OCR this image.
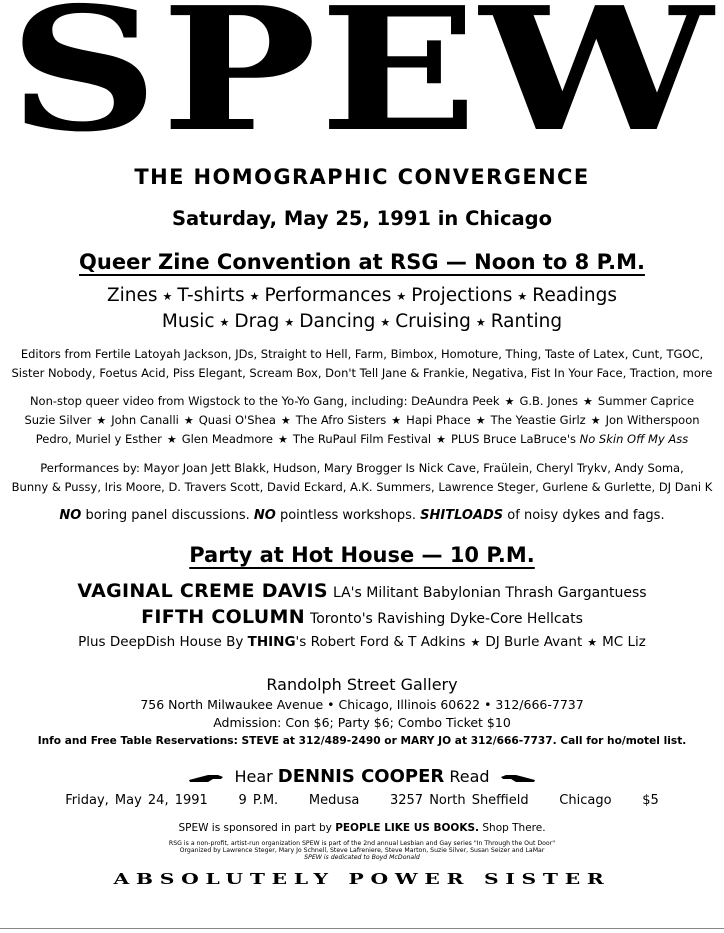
SPEW
THE HOMOGRAPHIC CONVERGENCE
Saturday, May 25, 1991 in Chicago
Queer Zine Convention at RSG — Noon to 8 P.M.
Zines ★ T-shirts ★ Performances ★ Projections ★ Readings
Music ★ Drag ★ Dancing ★ Cruising ★ Ranting
Editors from Fertile Latoyah Jackson, JDs, Straight to Hell, Farm, Bimbox, Homoture, Thing, Taste of Latex, Cunt, TGOC,
Sister Nobody, Foetus Acid, Piss Elegant, Scream Box, Don't Tell Jane & Frankie, Negativa, Fist In Your Face, Traction, more
Non-stop queer video from Wigstock to the Yo-Yo Gang, including: DeAundra Peek ★ G.B. Jones ★ Summer Caprice
Suzie Silver ★ John Canalli ★ Quasi O'Shea ★ The Afro Sisters ★ Hapi Phace ★ The Yeastie Girlz ★ Jon Witherspoon
Pedro, Muriel y Esther ★ Glen Meadmore ★ The RuPaul Film Festival ★ PLUS Bruce LaBruce's No Skin Off My Ass
Performances by: Mayor Joan Jett Blakk, Hudson, Mary Brogger Is Nick Cave, Fraülein, Cheryl Trykv, Andy Soma,
Bunny & Pussy, Iris Moore, D. Travers Scott, David Eckard, A.K. Summers, Lawrence Steger, Gurlene & Gurlette, DJ Dani K
NO boring panel discussions. NO pointless workshops. SHITLOADS of noisy dykes and fags.
Party at Hot House — 10 P.M.
VAGINAL CREME DAVIS LA's Militant Babylonian Thrash Gargantuess
FIFTH COLUMN Toronto's Ravishing Dyke-Core Hellcats
Plus DeepDish House By THING's Robert Ford & T Adkins ★ DJ Burle Avant ★ MC Liz
Randolph Street Gallery
756 North Milwaukee Avenue • Chicago, Illinois 60622 • 312/666-7737
Admission: Con $6; Party $6; Combo Ticket $10
Info and Free Table Reservations: STEVE at 312/489-2490 or MARY JO at 312/666-7737. Call for ho/motel list.
Hear DENNIS COOPER Read
Friday, May 24, 1991 9 P.M. Medusa 3257 North Sheffield Chicago $5
SPEW is sponsored in part by PEOPLE LIKE US BOOKS. Shop There.
RSG is a non-profit, artist-run organization SPEW is part of the 2nd annual Lesbian and Gay series "In Through the Out Door"
Organized by Lawrence Steger, Mary Jo Schnell, Steve Lafreniere, Steve Marton, Suzie Silver, Susan Seizer and LaMar
SPEW is dedicated to Boyd McDonald
ABSOLUTELY POWER SISTER
